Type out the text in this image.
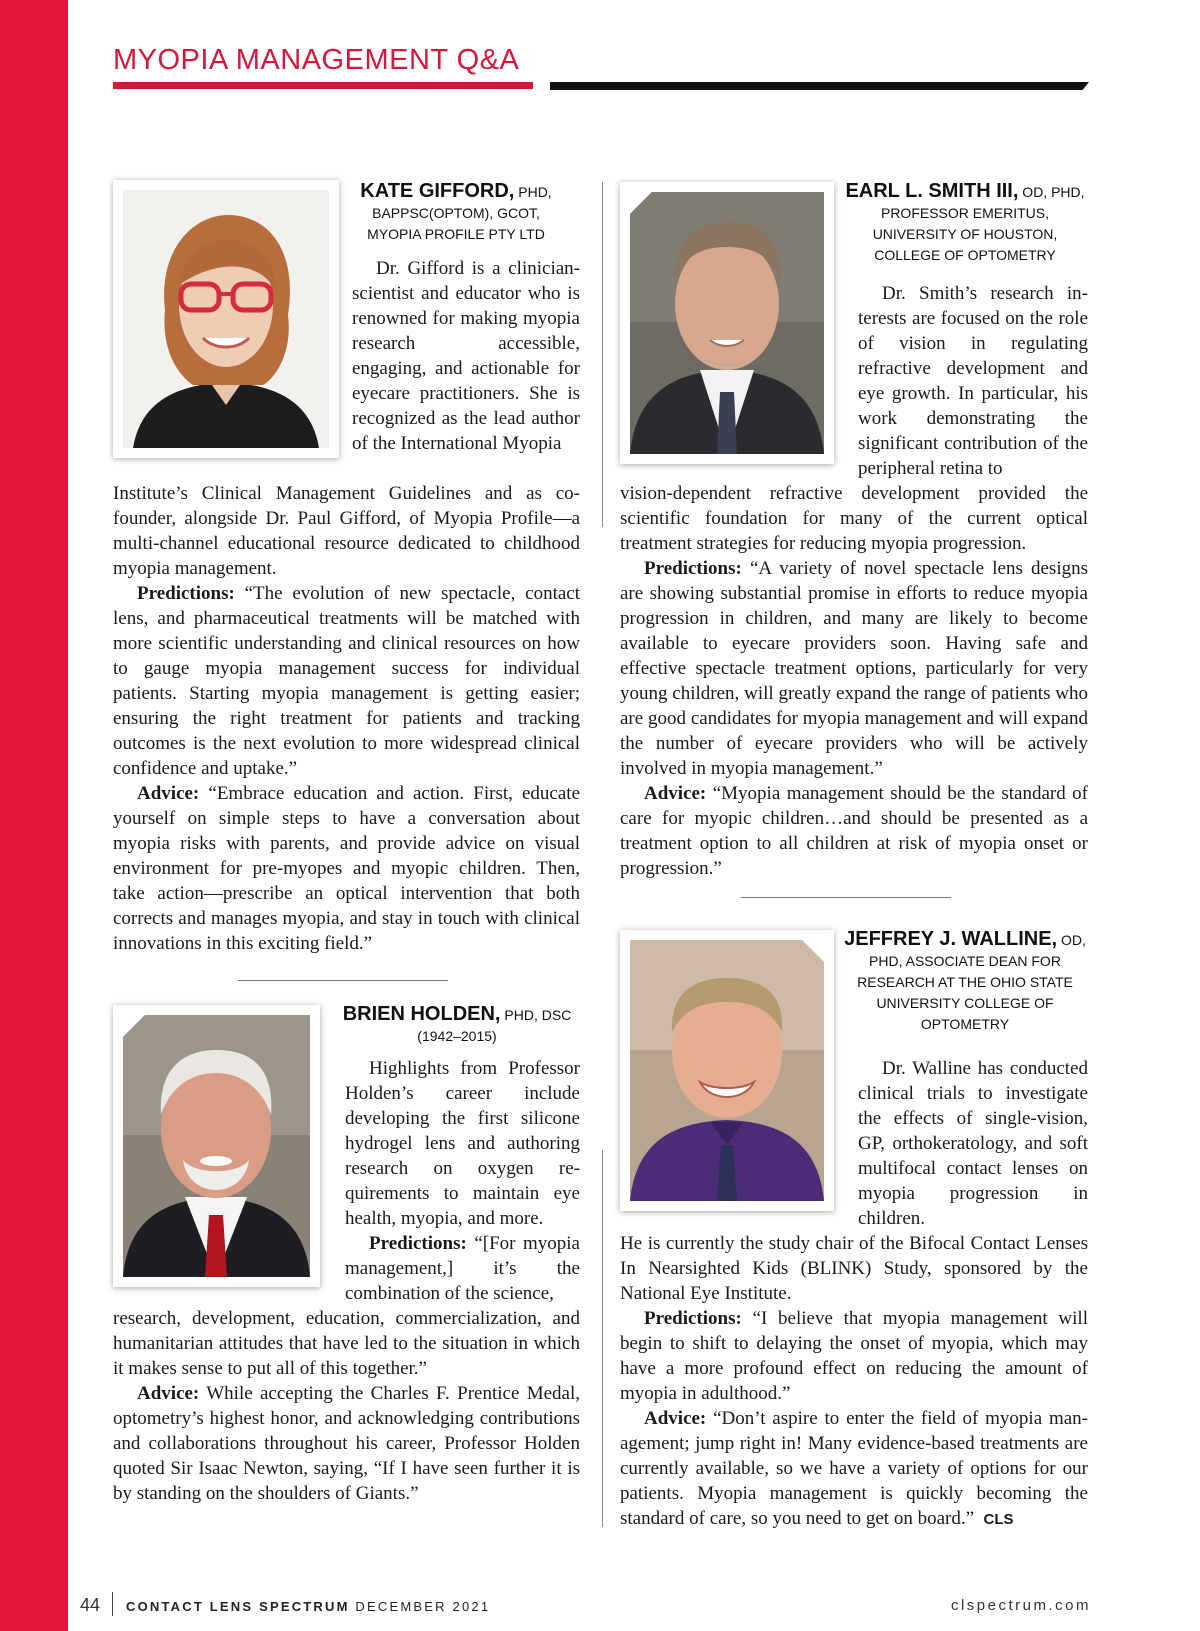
MYOPIA MANAGEMENT Q&A
KATE GIFFORD, PHD,
BAPPSC(OPTOM), GCOT,
MYOPIA PROFILE PTY LTD

Dr. Gifford is a clinician-scientist and educator who is renowned for making myopia research accessible, engaging, and actionable for eyecare practitioners. She is recognized as the lead author of the International Myopia

Institute’s Clinical Management Guidelines and as cofounder, alongside Dr. Paul Gifford, of Myopia Profile—a multi-channel educational resource dedicated to childhood myopia management.

Predictions: “The evolution of new spectacle, contact lens, and pharmaceutical treatments will be matched with more scientific understanding and clinical resources on how to gauge myopia management success for individual patients. Starting myopia management is getting easier; ensuring the right treatment for patients and tracking outcomes is the next evolution to more widespread clinical confidence and uptake.”

Advice: “Embrace education and action. First, educate yourself on simple steps to have a conversation about myopia risks with parents, and provide advice on visual environment for pre-myopes and myopic children. Then, take action—prescribe an optical intervention that both corrects and manages myopia, and stay in touch with clinical innovations in this exciting field.”

BRIEN HOLDEN, PHD, DSC
(1942–2015)

Highlights from Professor Holden’s career include developing the first silicone hydrogel lens and authoring research on oxygen requirements to maintain eye health, myopia, and more.

Predictions: “[For myopia management,] it’s the combination of the science,

research, development, education, commercialization, and humanitarian attitudes that have led to the situation in which it makes sense to put all of this together.”

Advice: While accepting the Charles F. Prentice Medal, optometry’s highest honor, and acknowledging contributions and collaborations throughout his career, Professor Holden quoted Sir Isaac Newton, saying, “If I have seen further it is by standing on the shoulders of Giants.”

EARL L. SMITH III, OD, PHD,
PROFESSOR EMERITUS,
UNIVERSITY OF HOUSTON,
COLLEGE OF OPTOMETRY

Dr. Smith’s research interests are focused on the role of vision in regulating refractive development and eye growth. In particular, his work demonstrating the significant contribution of the peripheral retina to

vision-dependent refractive development provided the scientific foundation for many of the current optical treatment strategies for reducing myopia progression.

Predictions: “A variety of novel spectacle lens designs are showing substantial promise in efforts to reduce myopia progression in children, and many are likely to become available to eyecare providers soon. Having safe and effective spectacle treatment options, particularly for very young children, will greatly expand the range of patients who are good candidates for myopia management and will expand the number of eyecare providers who will be actively involved in myopia management.”

Advice: “Myopia management should be the standard of care for myopic children…and should be presented as a treatment option to all children at risk of myopia onset or progression.”

JEFFREY J. WALLINE, OD,
PHD, ASSOCIATE DEAN FOR
RESEARCH AT THE OHIO STATE
UNIVERSITY COLLEGE OF
OPTOMETRY

Dr. Walline has conducted clinical trials to investigate the effects of single-vision, GP, orthokeratology, and soft multifocal contact lenses on myopia progression in children.

He is currently the study chair of the Bifocal Contact Lenses In Nearsighted Kids (BLINK) Study, sponsored by the National Eye Institute.

Predictions: “I believe that myopia management will begin to shift to delaying the onset of myopia, which may have a more profound effect on reducing the amount of myopia in adulthood.”

Advice: “Don’t aspire to enter the field of myopia management; jump right in! Many evidence-based treatments are currently available, so we have a variety of options for our patients. Myopia management is quickly becoming the standard of care, so you need to get on board.” CLS

44 CONTACT LENS SPECTRUM DECEMBER 2021	clspectrum.com
